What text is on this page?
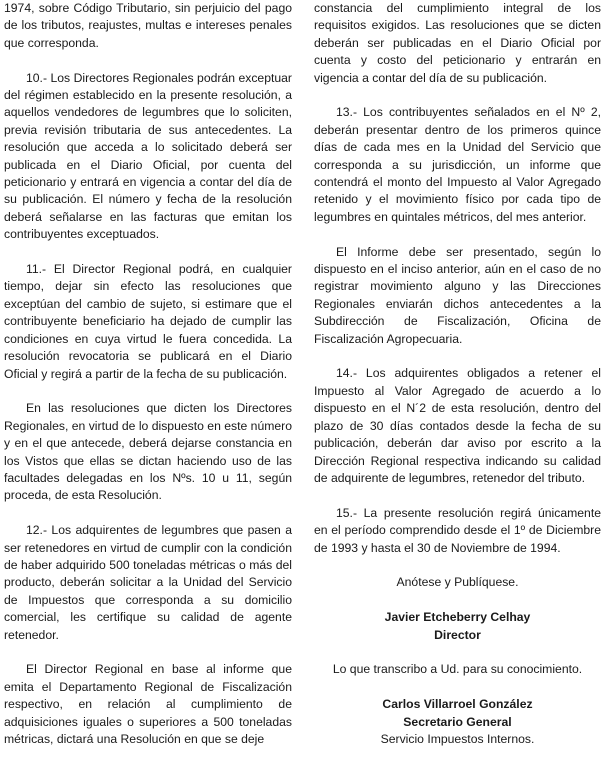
1974, sobre Código Tributario, sin perjuicio del pago de los tributos, reajustes, multas e intereses penales que corresponda.

10.- Los Directores Regionales podrán exceptuar del régimen establecido en la presente resolución, a aquellos vendedores de legumbres que lo soliciten, previa revisión tributaria de sus antecedentes. La resolución que acceda a lo solicitado deberá ser publicada en el Diario Oficial, por cuenta del peticionario y entrará en vigencia a contar del día de su publicación. El número y fecha de la resolución deberá señalarse en las facturas que emitan los contribuyentes exceptuados.

11.- El Director Regional podrá, en cualquier tiempo, dejar sin efecto las resoluciones que exceptúan del cambio de sujeto, si estimare que el contribuyente beneficiario ha dejado de cumplir las condiciones en cuya virtud le fuera concedida. La resolución revocatoria se publicará en el Diario Oficial y regirá a partir de la fecha de su publicación.

En las resoluciones que dicten los Directores Regionales, en virtud de lo dispuesto en este número y en el que antecede, deberá dejarse constancia en los Vistos que ellas se dictan haciendo uso de las facultades delegadas en los Nºs. 10 u 11, según proceda, de esta Resolución.

12.- Los adquirentes de legumbres que pasen a ser retenedores en virtud de cumplir con la condición de haber adquirido 500 toneladas métricas o más del producto, deberán solicitar a la Unidad del Servicio de Impuestos que corresponda a su domicilio comercial, les certifique su calidad de agente retenedor.

El Director Regional en base al informe que emita el Departamento Regional de Fiscalización respectivo, en relación al cumplimiento de adquisiciones iguales o superiores a 500 toneladas métricas, dictará una Resolución en que se deje

constancia del cumplimiento integral de los requisitos exigidos. Las resoluciones que se dicten deberán ser publicadas en el Diario Oficial por cuenta y costo del peticionario y entrarán en vigencia a contar del día de su publicación.

13.- Los contribuyentes señalados en el Nº 2, deberán presentar dentro de los primeros quince días de cada mes en la Unidad del Servicio que corresponda a su jurisdicción, un informe que contendrá el monto del Impuesto al Valor Agregado retenido y el movimiento físico por cada tipo de legumbres en quintales métricos, del mes anterior.

El Informe debe ser presentado, según lo dispuesto en el inciso anterior, aún en el caso de no registrar movimiento alguno y las Direcciones Regionales enviarán dichos antecedentes a la Subdirección de Fiscalización, Oficina de Fiscalización Agropecuaria.

14.- Los adquirentes obligados a retener el Impuesto al Valor Agregado de acuerdo a lo dispuesto en el N´2 de esta resolución, dentro del plazo de 30 días contados desde la fecha de su publicación, deberán dar aviso por escrito a la Dirección Regional respectiva indicando su calidad de adquirente de legumbres, retenedor del tributo.

15.- La presente resolución regirá únicamente en el período comprendido desde el 1º de Diciembre de 1993 y hasta el 30 de Noviembre de 1994.

Anótese y Publíquese.

Javier Etcheberry Celhay

Director

Lo que transcribo a Ud. para su conocimiento.

Carlos Villarroel González

Secretario General

Servicio Impuestos Internos.
